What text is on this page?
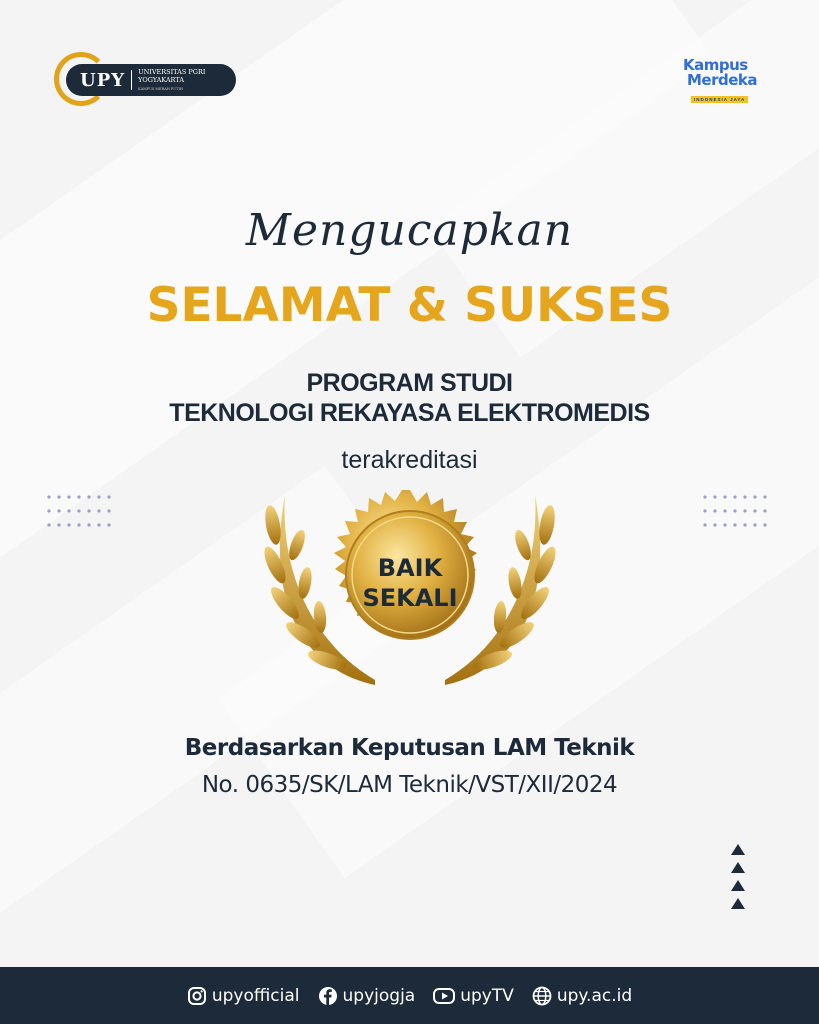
UPY UNIVERSITAS PGRI
YOGYAKARTA
KAMPUS MERAH PUTIH
Kampus
Merdeka
INDONESIA JAYA
Mengucapkan
SELAMAT & SUKSES
PROGRAM STUDI
TEKNOLOGI REKAYASA ELEKTROMEDIS
terakreditasi
BAIK
SEKALI
Berdasarkan Keputusan LAM Teknik
No. 0635/SK/LAM Teknik/VST/XII/2024
upyofficial	upyjogja	upyTV	upy.ac.id
